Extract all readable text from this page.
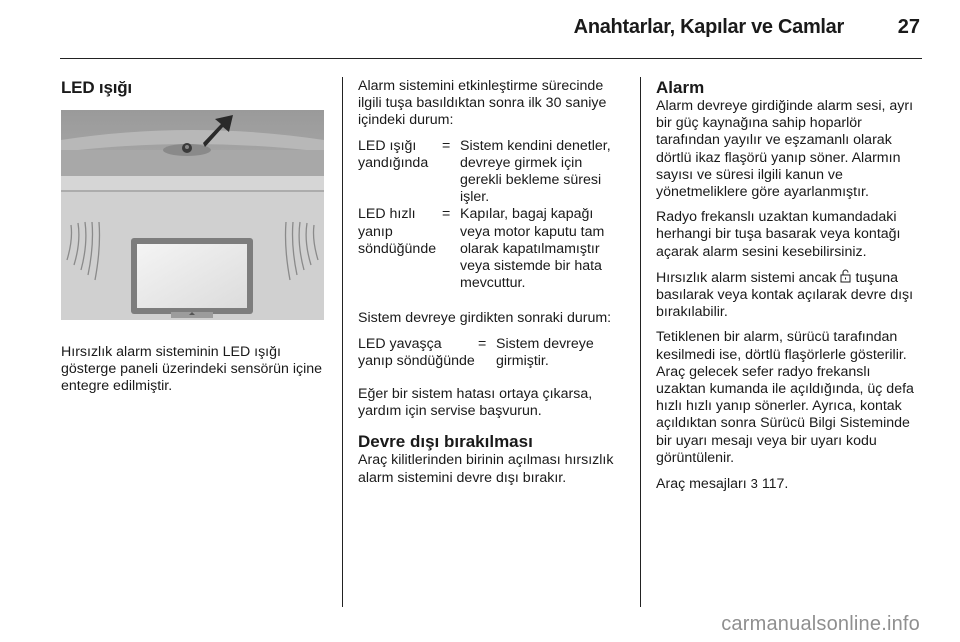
Anahtarlar, Kapılar ve Camlar	27
LED ışığı
Hırsızlık alarm sisteminin LED ışığı gösterge paneli üzerindeki sensörün içine entegre edilmiştir.
Alarm sistemini etkinleştirme sürecinde ilgili tuşa basıldıktan sonra ilk 30 saniye içindeki durum:
LED ışığı yandığında
= Sistem kendini denetler, devreye girmek için gerekli bekleme süresi işler.
LED hızlı yanıp söndüğünde
= Kapılar, bagaj kapağı veya motor kaputu tam olarak kapatılmamıştır veya sistemde bir hata mevcuttur.
Sistem devreye girdikten sonraki durum:
LED yavaşça yanıp söndüğünde
= Sistem devreye girmiştir.
Eğer bir sistem hatası ortaya çıkarsa, yardım için servise başvurun.
Devre dışı bırakılması
Araç kilitlerinden birinin açılması hırsızlık alarm sistemini devre dışı bırakır.
Alarm
Alarm devreye girdiğinde alarm sesi, ayrı bir güç kaynağına sahip hoparlör tarafından yayılır ve eşzamanlı olarak dörtlü ikaz flaşörü yanıp söner. Alarmın sayısı ve süresi ilgili kanun ve yönetmeliklere göre ayarlanmıştır.
Radyo frekanslı uzaktan kumandadaki herhangi bir tuşa basarak veya kontağı açarak alarm sesini kesebilirsiniz.
Hırsızlık alarm sistemi ancak tuşuna basılarak veya kontak açılarak devre dışı bırakılabilir.
Tetiklenen bir alarm, sürücü tarafından kesilmedi ise, dörtlü flaşörlerle gösterilir. Araç gelecek sefer radyo frekanslı uzaktan kumanda ile açıldığında, üç defa hızlı hızlı yanıp sönerler. Ayrıca, kontak açıldıktan sonra Sürücü Bilgi Sisteminde bir uyarı mesajı veya bir uyarı kodu görüntülenir.
Araç mesajları 3 117.
carmanualsonline.info
